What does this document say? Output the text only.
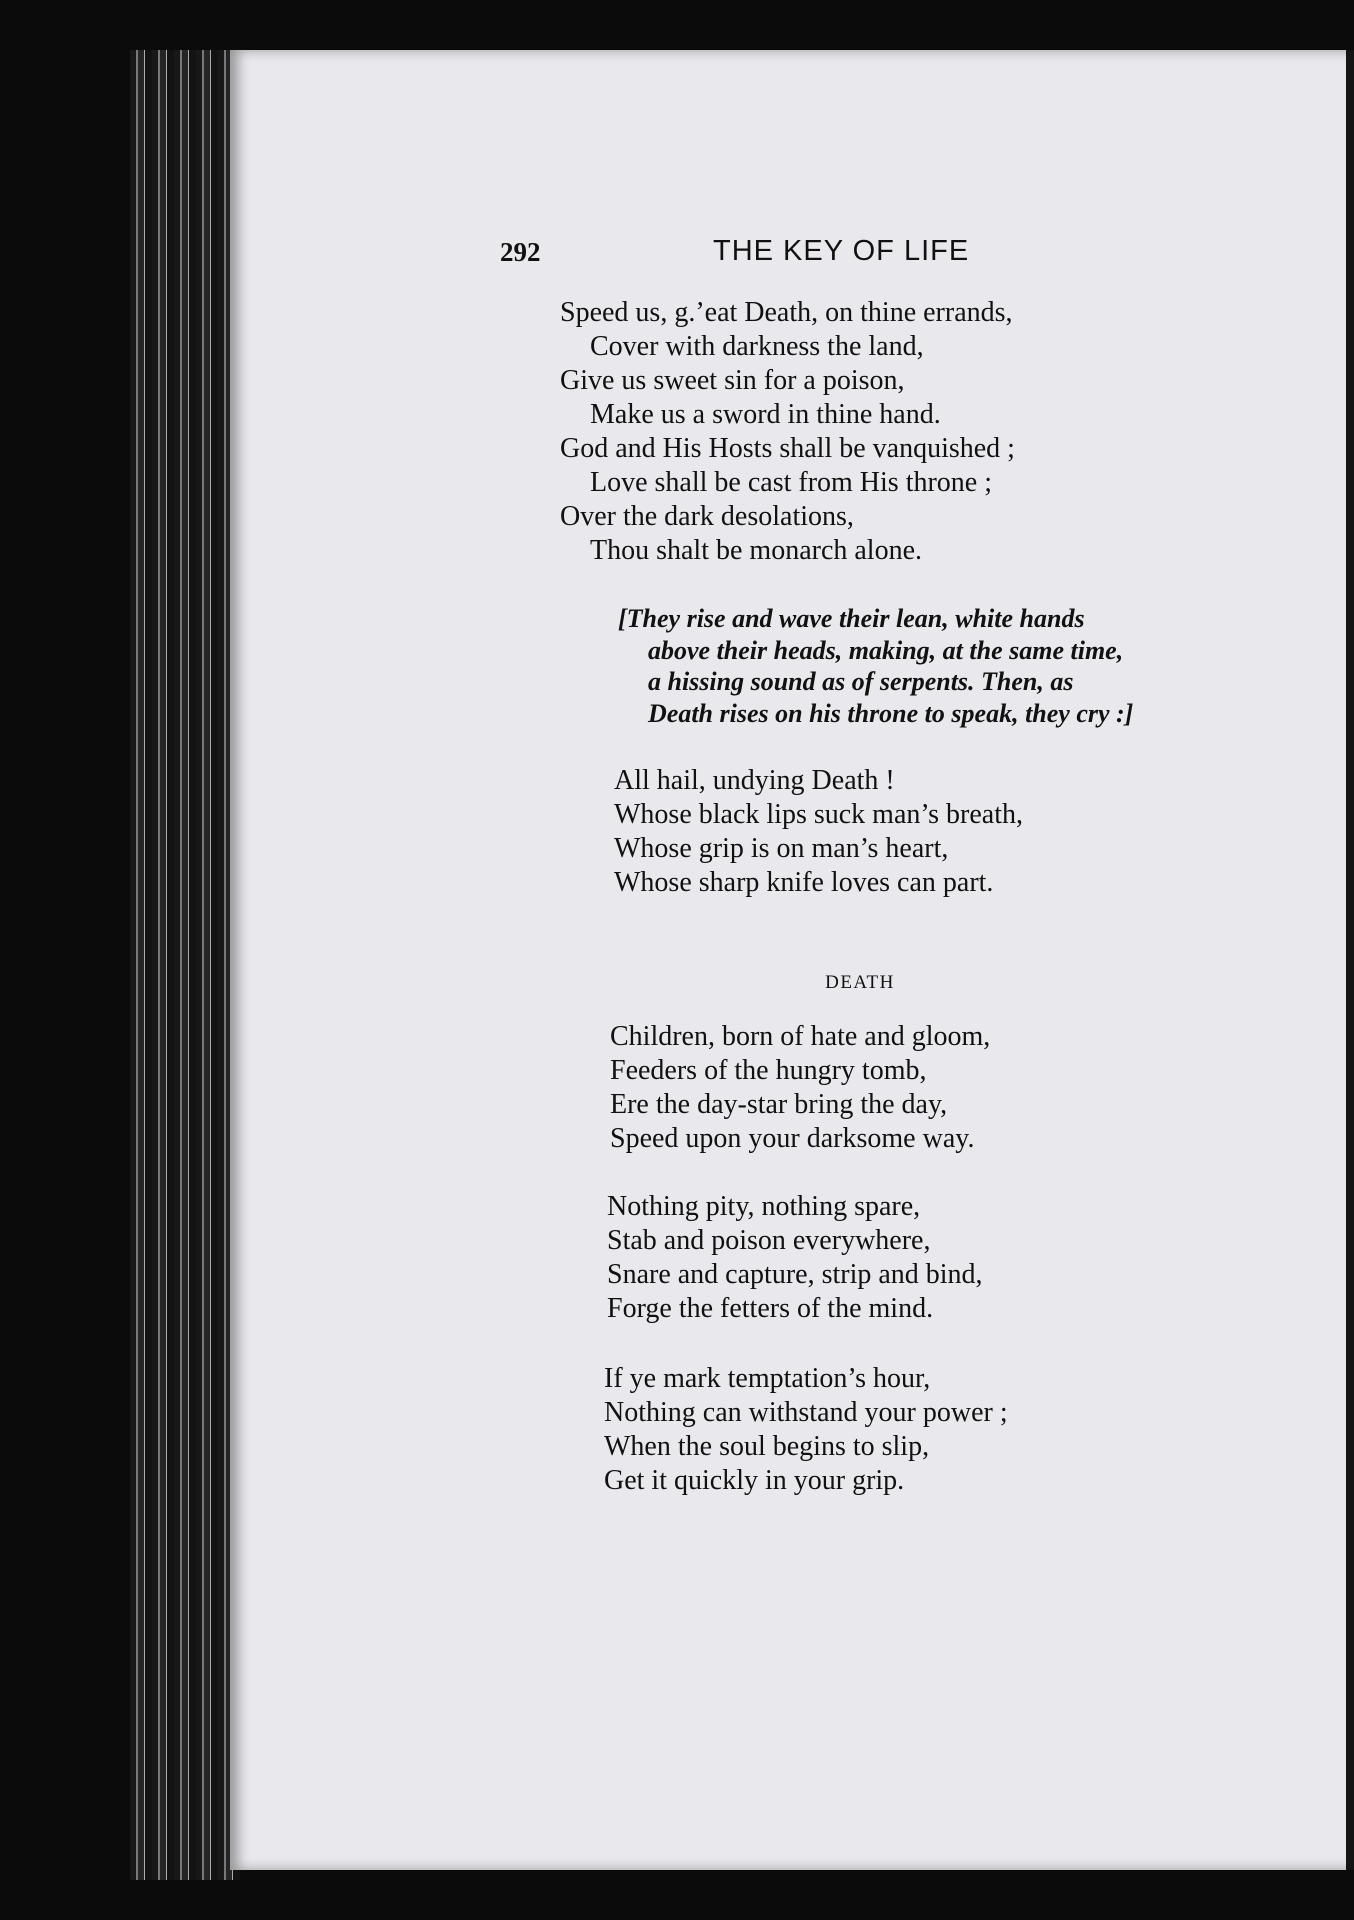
292	THE KEY OF LIFE
Speed us, g.’eat Death, on thine errands,
Cover with darkness the land,
Give us sweet sin for a poison,
Make us a sword in thine hand.
God and His Hosts shall be vanquished ;
Love shall be cast from His throne ;
Over the dark desolations,
Thou shalt be monarch alone.
[They rise and wave their lean, white hands
above their heads, making, at the same time,
a hissing sound as of serpents. Then, as
Death rises on his throne to speak, they cry :]
All hail, undying Death !
Whose black lips suck man’s breath,
Whose grip is on man’s heart,
Whose sharp knife loves can part.
DEATH
Children, born of hate and gloom,
Feeders of the hungry tomb,
Ere the day-star bring the day,
Speed upon your darksome way.
Nothing pity, nothing spare,
Stab and poison everywhere,
Snare and capture, strip and bind,
Forge the fetters of the mind.
If ye mark temptation’s hour,
Nothing can withstand your power ;
When the soul begins to slip,
Get it quickly in your grip.
